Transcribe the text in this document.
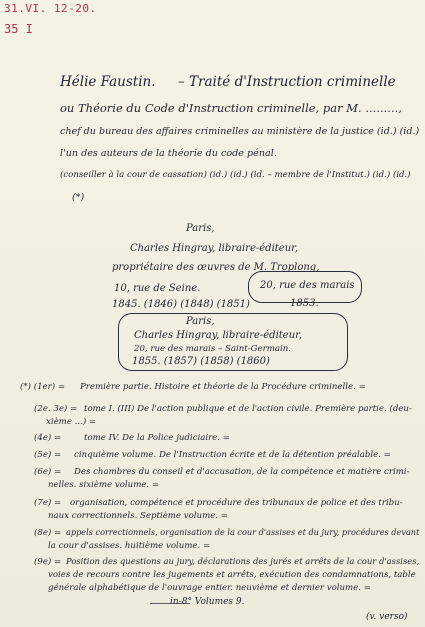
31.VI. 12-20.
35 I
Hélie Faustin. – Traité d'Instruction criminelle
ou Théorie du Code d'Instruction criminelle, par M. .........,
chef du bureau des affaires criminelles au ministère de la justice (id.) (id.)
l'un des auteurs de la théorie du code pénal.
(conseiller à la cour de cassation) (id.) (id.) (id. – membre de l'Institut.) (id.) (id.)
(*)
Paris,
Charles Hingray, libraire-éditeur,
propriétaire des œuvres de M. Troplong,
10, rue de Seine.
1845. (1846) (1848) (1851)
20, rue des marais
1853.
Paris,
Charles Hingray, libraire-éditeur,
20, rue des marais – Saint-Germain.
1855. (1857) (1858) (1860)
(*) (1er) = Première partie. Histoire et théorie de la Procédure criminelle. =
(2e. 3e) = tome I. (III) De l'action publique et de l'action civile. Première partie. (deu-
xième ...) =
(4e) =	tome IV. De la Police judiciaire. =
(5e) = cinquième volume. De l'Instruction écrite et de la détention préalable. =
(6e) = Des chambres du conseil et d'accusation, de la compétence et matière crimi-
nelles. sixième volume. =
(7e) = organisation, compétence et procédure des tribunaux de police et des tribu-
naux correctionnels. Septième volume. =
(8e) = appels correctionnels, organisation de la cour d'assises et du jury, procédures devant
la cour d'assises. huitième volume. =
(9e) = Position des questions au jury, déclarations des jurés et arrêts de la cour d'assises,
voies de recours contre les jugements et arrêts, exécution des condamnations, table
générale alphabétique de l'ouvrage entier. neuvième et dernier volume. =
in-8° Volumes 9.
(v. verso)
